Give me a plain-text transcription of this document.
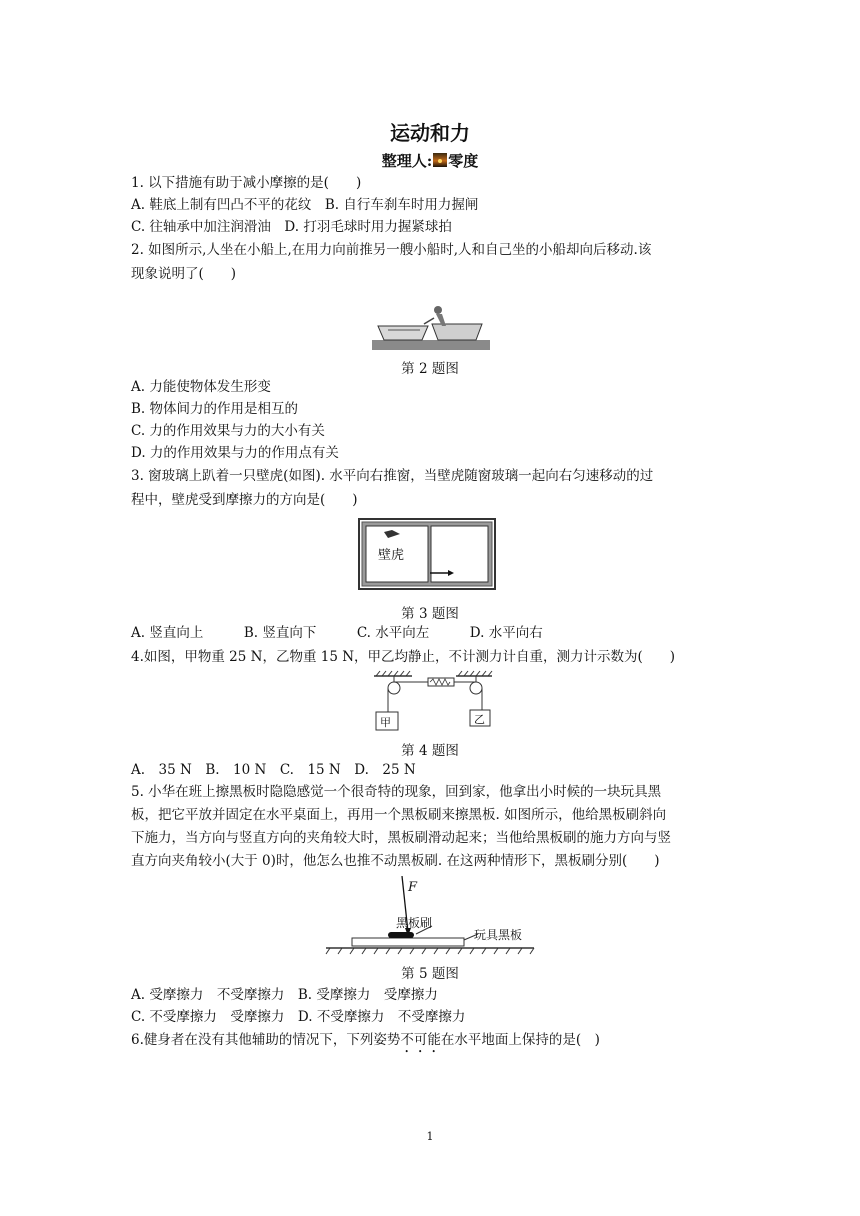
运动和力
整理人: 零度
1. 以下措施有助于减小摩擦的是(　　)
A. 鞋底上制有凹凸不平的花纹　B. 自行车刹车时用力握闸
C. 往轴承中加注润滑油　D. 打羽毛球时用力握紧球拍
2. 如图所示,人坐在小船上,在用力向前推另一艘小船时,人和自己坐的小船却向后移动.该
现象说明了(　　)
第 2 题图
A. 力能使物体发生形变
B. 物体间力的作用是相互的
C. 力的作用效果与力的大小有关
D. 力的作用效果与力的作用点有关
3. 窗玻璃上趴着一只壁虎(如图). 水平向右推窗，当壁虎随窗玻璃一起向右匀速移动的过
程中，壁虎受到摩擦力的方向是(　　)
壁虎
第 3 题图
A. 竖直向上　　　B. 竖直向下　　　C. 水平向左　　　D. 水平向右
4.如图，甲物重 25 N，乙物重 15 N，甲乙均静止，不计测力计自重，测力计示数为(　　)
甲	乙
第 4 题图
A.　35 N　B.　10 N　C.　15 N　D.　25 N
5. 小华在班上擦黑板时隐隐感觉一个很奇特的现象，回到家，他拿出小时候的一块玩具黑
板，把它平放并固定在水平桌面上，再用一个黑板刷来擦黑板. 如图所示，他给黑板刷斜向
下施力，当方向与竖直方向的夹角较大时，黑板刷滑动起来；当他给黑板刷的施力方向与竖
直方向夹角较小(大于 0)时，他怎么也推不动黑板刷. 在这两种情形下，黑板刷分别(　　)
F
黑板刷
玩具黑板
第 5 题图
A. 受摩擦力　不受摩擦力　B. 受摩擦力　受摩擦力
C. 不受摩擦力　受摩擦力　D. 不受摩擦力　不受摩擦力
6.健身者在没有其他辅助的情况下，下列姿势不可能在水平地面上保持的是(　)
1
